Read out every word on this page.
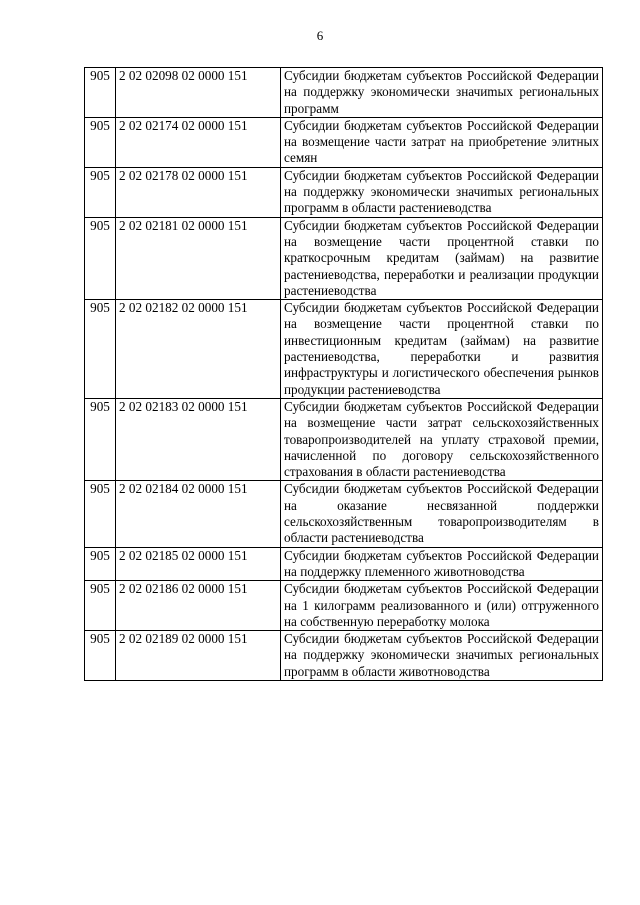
6
905	2 02 02098 02 0000 151	Субсидии бюджетам субъектов Российской Федерации на поддержку экономически значиmых региональных программ
905	2 02 02174 02 0000 151	Субсидии бюджетам субъектов Российской Федерации на возмещение части затрат на приобретение элитных семян
905	2 02 02178 02 0000 151	Субсидии бюджетам субъектов Российской Федерации на поддержку экономически значиmых региональных программ в области растениеводства
905	2 02 02181 02 0000 151	Субсидии бюджетам субъектов Российской Федерации на возмещение части процентной ставки по краткосрочным кредитам (займам) на развитие растениеводства, переработки и реализации продукции растениеводства
905	2 02 02182 02 0000 151	Субсидии бюджетам субъектов Российской Федерации на возмещение части процентной ставки по инвестиционным кредитам (займам) на развитие растениеводства, переработки и развития инфраструктуры и логистического обеспечения рынков продукции растениеводства
905	2 02 02183 02 0000 151	Субсидии бюджетам субъектов Российской Федерации на возмещение части затрат сельскохозяйственных товаропроизводителей на уплату страховой премии, начисленной по договору сельскохозяйственного страхования в области растениеводства
905	2 02 02184 02 0000 151	Субсидии бюджетам субъектов Российской Федерации на оказание несвязанной поддержки сельскохозяйственным товаропроизводителям в области растениеводства
905	2 02 02185 02 0000 151	Субсидии бюджетам субъектов Российской Федерации на поддержку племенного животноводства
905	2 02 02186 02 0000 151	Субсидии бюджетам субъектов Российской Федерации на 1 килограмм реализованного и (или) отгруженного на собственную переработку молока
905	2 02 02189 02 0000 151	Субсидии бюджетам субъектов Российской Федерации на поддержку экономически значиmых региональных программ в области животноводства
